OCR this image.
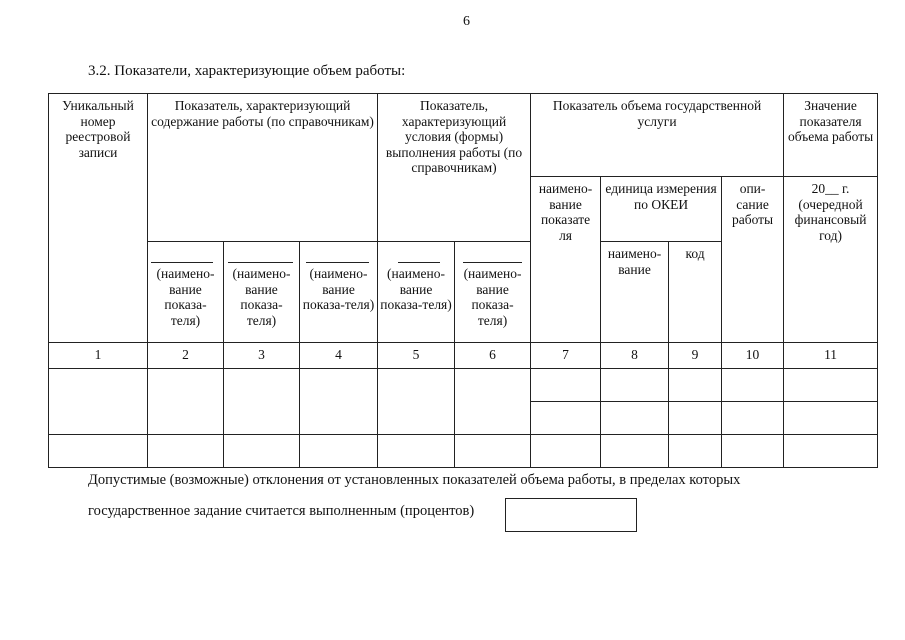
6
3.2. Показатели, характеризующие объем работы:
Уникальный номер реестровой записи	Показатель, характеризующий содержание работы (по справочникам)			Показатель, характеризующий условия (формы) выполнения работы (по справочникам)		Показатель объема государственной услуги				Значение показателя объема работы
						наимено-вание показате ля	единица измерения по ОКЕИ		опи-сание работы	20__ г. (очередной финансовый год)

	(наимено-вание показа-теля)	(наимено-вание показа-теля)	(наимено-вание показа-теля)	(наимено-вание показа-теля)	(наимено-вание показа-теля)		наимено-вание	код		
1	2	3	4	5	6	7	8	9	10	11

Допустимые (возможные) отклонения от установленных показателей объема работы, в пределах которых
государственное задание считается выполненным (процентов)
